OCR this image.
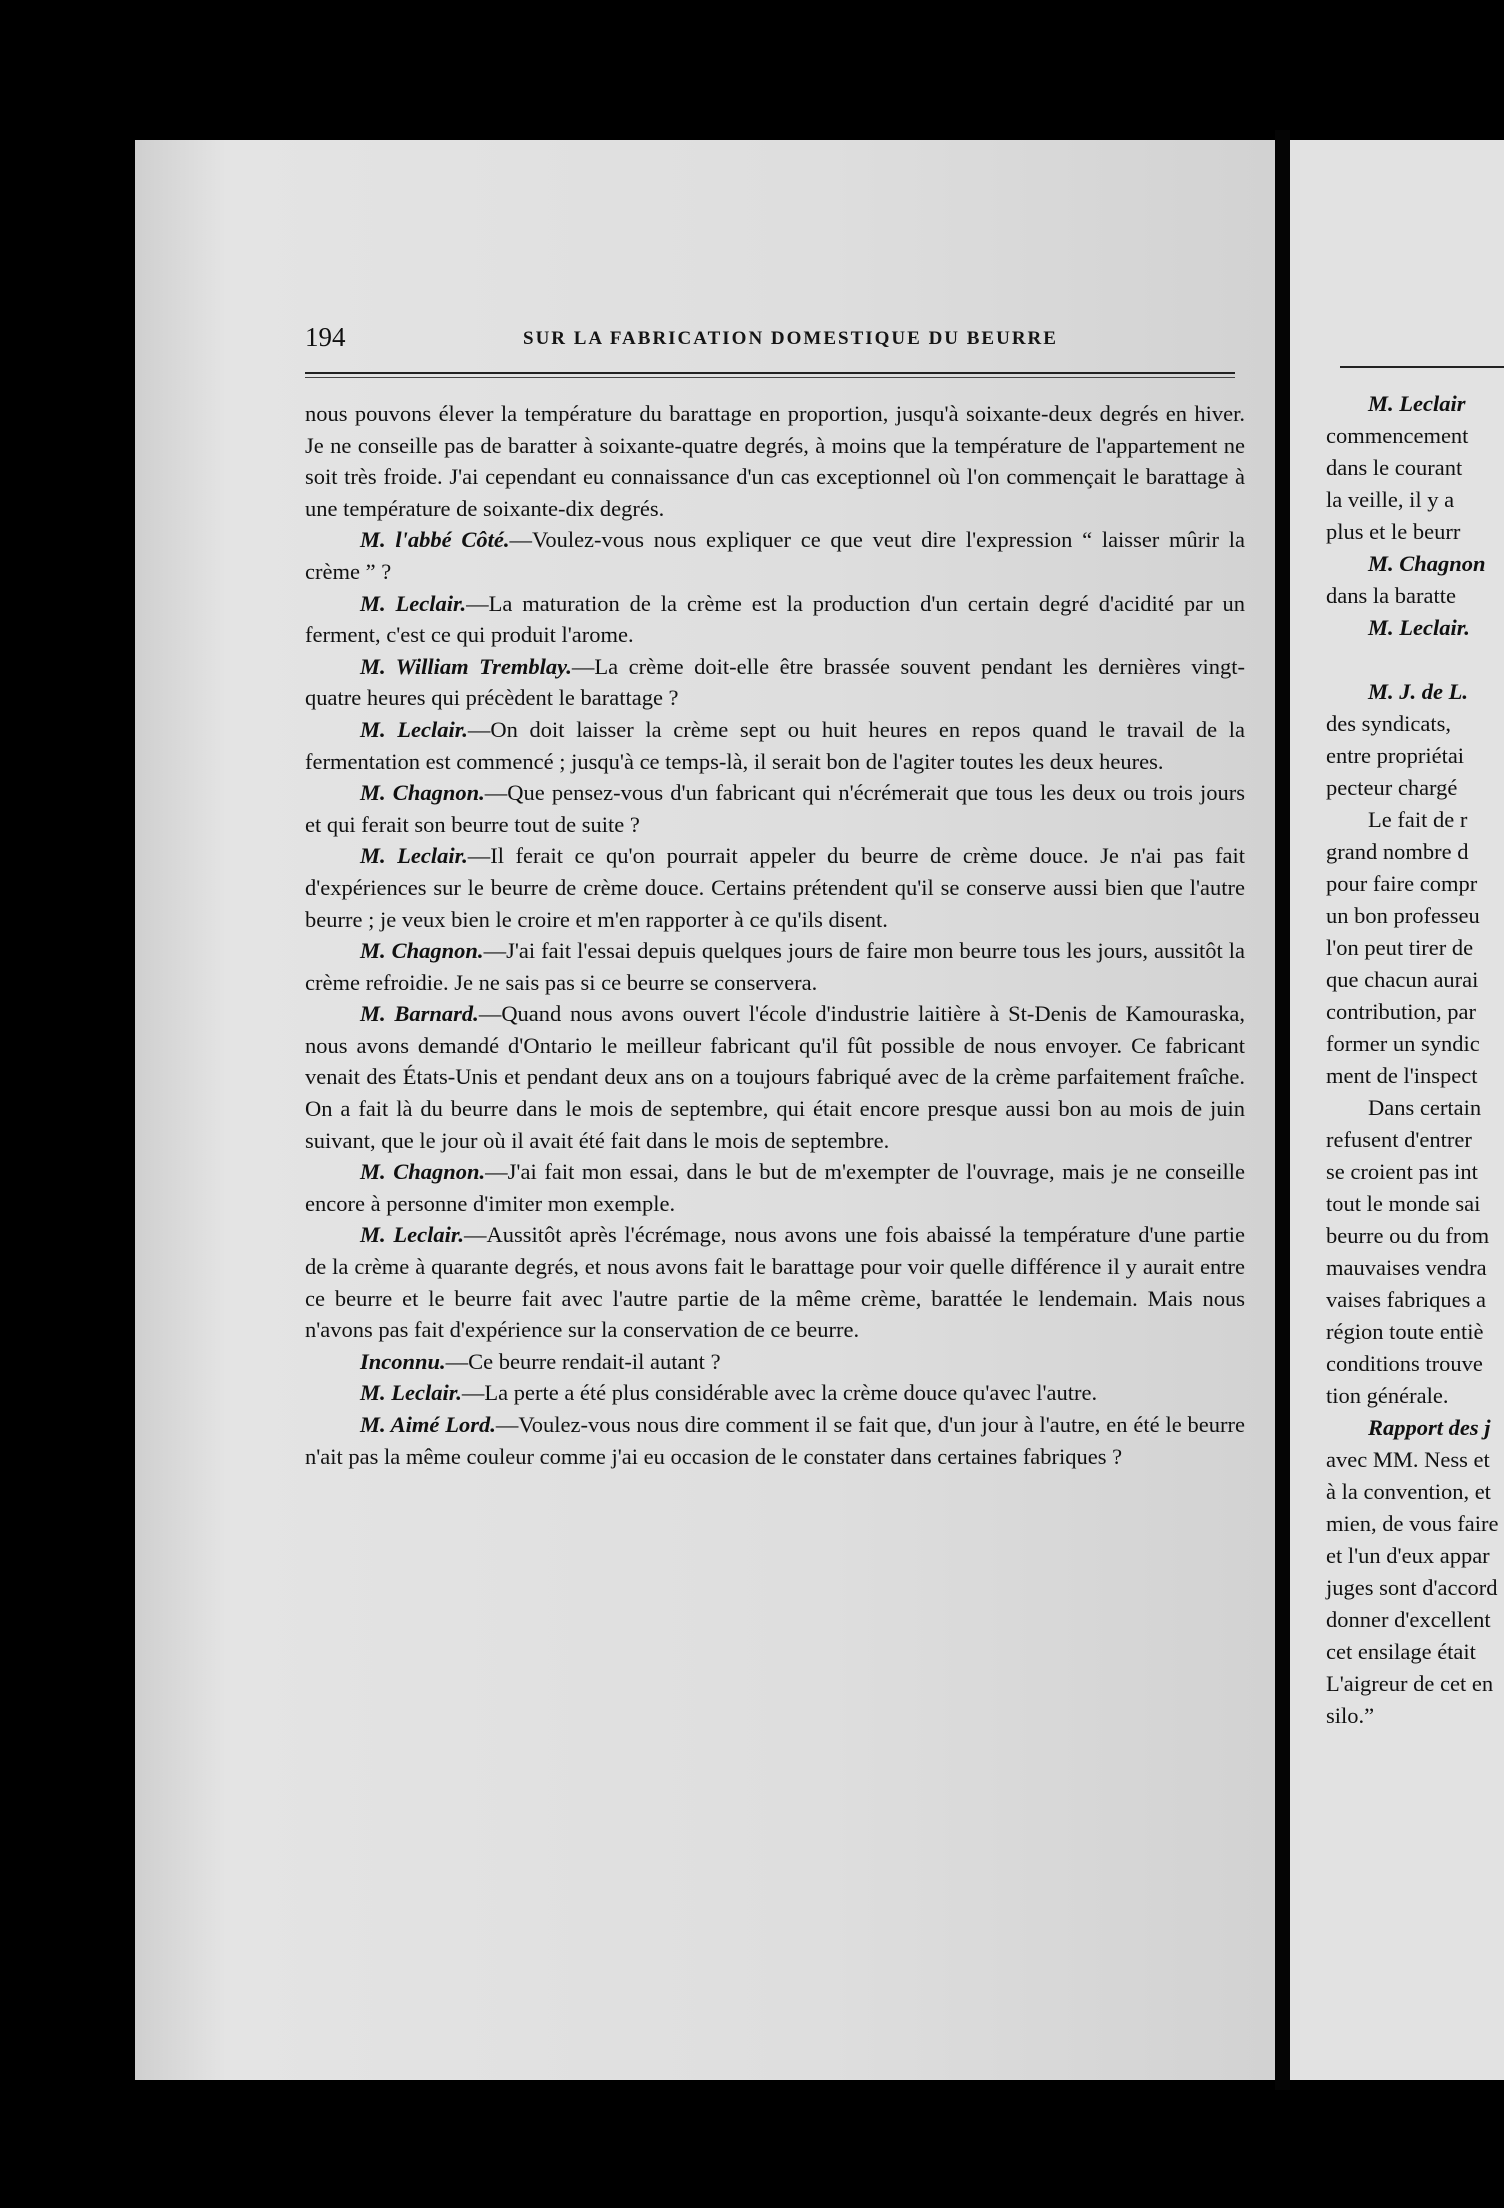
194	SUR LA FABRICATION DOMESTIQUE DU BEURRE

nous pouvons élever la température du barattage en proportion, jusqu'à soixante-deux degrés en hiver. Je ne conseille pas de baratter à soixante-quatre degrés, à moins que la température de l'appartement ne soit très froide. J'ai cependant eu connaissance d'un cas exceptionnel où l'on commençait le barattage à une température de soixante-dix degrés.

M. l'abbé Côté.—Voulez-vous nous expliquer ce que veut dire l'expression “ laisser mûrir la crème ” ?

M. Leclair.—La maturation de la crème est la production d'un certain degré d'acidité par un ferment, c'est ce qui produit l'arome.

M. William Tremblay.—La crème doit-elle être brassée souvent pendant les dernières vingt-quatre heures qui précèdent le barattage ?

M. Leclair.—On doit laisser la crème sept ou huit heures en repos quand le travail de la fermentation est commencé ; jusqu'à ce temps-là, il serait bon de l'agiter toutes les deux heures.

M. Chagnon.—Que pensez-vous d'un fabricant qui n'écrémerait que tous les deux ou trois jours et qui ferait son beurre tout de suite ?

M. Leclair.—Il ferait ce qu'on pourrait appeler du beurre de crème douce. Je n'ai pas fait d'expériences sur le beurre de crème douce. Certains prétendent qu'il se conserve aussi bien que l'autre beurre ; je veux bien le croire et m'en rapporter à ce qu'ils disent.

M. Chagnon.—J'ai fait l'essai depuis quelques jours de faire mon beurre tous les jours, aussitôt la crème refroidie. Je ne sais pas si ce beurre se conservera.

M. Barnard.—Quand nous avons ouvert l'école d'industrie laitière à St-Denis de Kamouraska, nous avons demandé d'Ontario le meilleur fabricant qu'il fût possible de nous envoyer. Ce fabricant venait des États-Unis et pendant deux ans on a toujours fabriqué avec de la crème parfaitement fraîche. On a fait là du beurre dans le mois de septembre, qui était encore presque aussi bon au mois de juin suivant, que le jour où il avait été fait dans le mois de septembre.

M. Chagnon.—J'ai fait mon essai, dans le but de m'exempter de l'ouvrage, mais je ne conseille encore à personne d'imiter mon exemple.

M. Leclair.—Aussitôt après l'écrémage, nous avons une fois abaissé la température d'une partie de la crème à quarante degrés, et nous avons fait le barattage pour voir quelle différence il y aurait entre ce beurre et le beurre fait avec l'autre partie de la même crème, barattée le lendemain. Mais nous n'avons pas fait d'expérience sur la conservation de ce beurre.

Inconnu.—Ce beurre rendait-il autant ?

M. Leclair.—La perte a été plus considérable avec la crème douce qu'avec l'autre.

M. Aimé Lord.—Voulez-vous nous dire comment il se fait que, d'un jour à l'autre, en été le beurre n'ait pas la même couleur comme j'ai eu occasion de le constater dans certaines fabriques ?

M. Leclair
commencement
dans le courant
la veille, il y a
plus et le beurr
M. Chagnon
dans la baratte
M. Leclair.
M. J. de L.
des syndicats,
entre propriétai
pecteur chargé
Le fait de r
grand nombre d
pour faire compr
un bon professeu
l'on peut tirer de
que chacun aurai
contribution, par
former un syndic
ment de l'inspect
Dans certain
refusent d'entrer
se croient pas int
tout le monde sai
beurre ou du from
mauvaises vendra
vaises fabriques a
région toute entiè
conditions trouve
tion générale.
Rapport des j
avec MM. Ness et
à la convention, et
mien, de vous faire
et l'un d'eux appar
juges sont d'accord
donner d'excellent
cet ensilage était
L'aigreur de cet en
silo.”
